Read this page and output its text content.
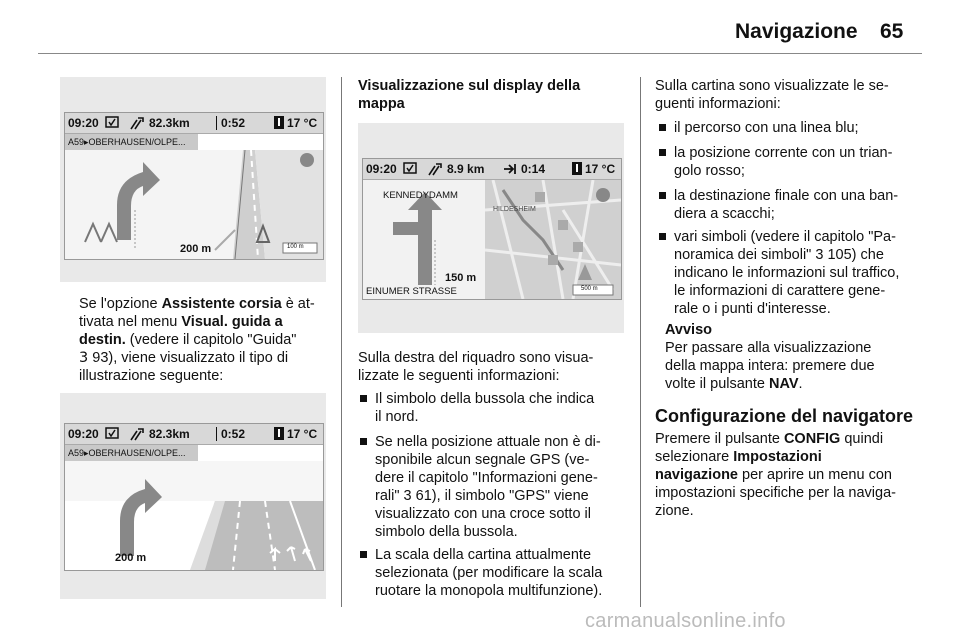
Navigazione 65
09:20	82.3km	0:52	17 °C
A59▸OBERHAUSEN/OLPE...
200 m	100 m
Se l'opzione Assistente corsia è at-
tivata nel menu Visual. guida a
destin. (vedere il capitolo "Guida"
3 93), viene visualizzato il tipo di
illustrazione seguente:
09:20	82.3km	0:52	17 °C
A59▸OBERHAUSEN/OLPE...
200 m
Visualizzazione sul display della
mappa
09:20	8.9 km	0:14	17 °C
KENNEDYDAMM
EINUMER STRASSE
150 m
HILDESHEIM
500 m
Sulla destra del riquadro sono visua-
lizzate le seguenti informazioni:
Il simbolo della bussola che indica
il nord.
Se nella posizione attuale non è di-
sponibile alcun segnale GPS (ve-
dere il capitolo "Informazioni gene-
rali" 3 61), il simbolo "GPS" viene
visualizzato con una croce sotto il
simbolo della bussola.
La scala della cartina attualmente
selezionata (per modificare la scala
ruotare la monopola multifunzione).
Sulla cartina sono visualizzate le se-
guenti informazioni:
il percorso con una linea blu;
la posizione corrente con un trian-
golo rosso;
la destinazione finale con una ban-
diera a scacchi;
vari simboli (vedere il capitolo "Pa-
noramica dei simboli" 3 105) che
indicano le informazioni sul traffico,
le informazioni di carattere gene-
rale o i punti d'interesse.
Avviso
Per passare alla visualizzazione
della mappa intera: premere due
volte il pulsante NAV.
Configurazione del navigatore
Premere il pulsante CONFIG quindi
selezionare Impostazioni
navigazione per aprire un menu con
impostazioni specifiche per la naviga-
zione.
carmanualsonline.info
